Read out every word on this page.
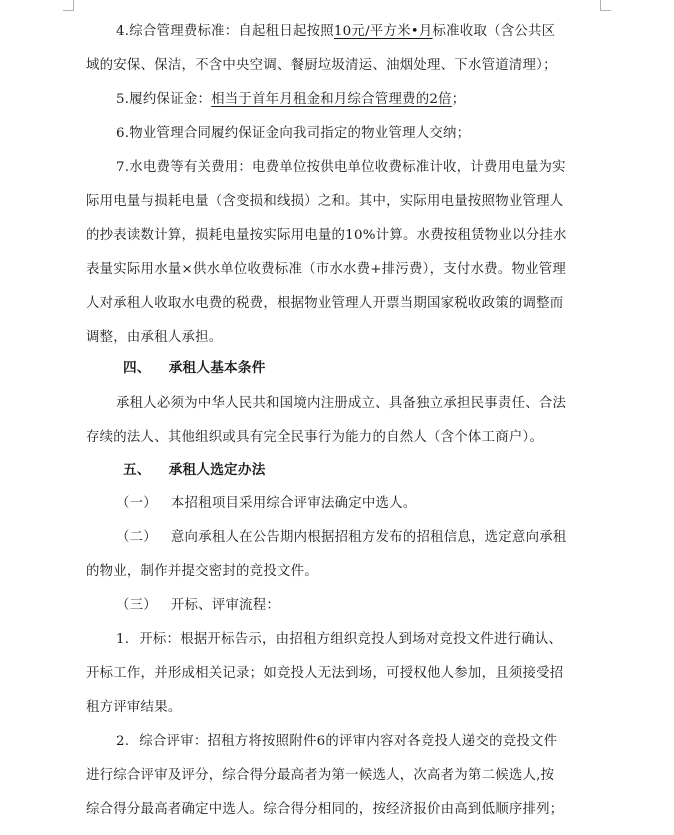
4.综合管理费标准：自起租日起按照10元/平方米•月标准收取（含公共区
域的安保、保洁，不含中央空调、餐厨垃圾清运、油烟处理、下水管道清理）；
5.履约保证金：相当于首年月租金和月综合管理费的2倍；
6.物业管理合同履约保证金向我司指定的物业管理人交纳；
7.水电费等有关费用：电费单位按供电单位收费标准计收，计费用电量为实
际用电量与损耗电量（含变损和线损）之和。其中，实际用电量按照物业管理人
的抄表读数计算，损耗电量按实际用电量的10%计算。水费按租赁物业以分挂水
表量实际用水量×供水单位收费标准（市水水费+排污费），支付水费。物业管理
人对承租人收取水电费的税费，根据物业管理人开票当期国家税收政策的调整而
调整，由承租人承担。
四、 承租人基本条件
承租人必须为中华人民共和国境内注册成立、具备独立承担民事责任、合法
存续的法人、其他组织或具有完全民事行为能力的自然人（含个体工商户）。
五、 承租人选定办法
（一） 本招租项目采用综合评审法确定中选人。
（二） 意向承租人在公告期内根据招租方发布的招租信息，选定意向承租
的物业，制作并提交密封的竞投文件。
（三） 开标、评审流程：
1. 开标：根据开标告示，由招租方组织竞投人到场对竞投文件进行确认、
开标工作，并形成相关记录；如竞投人无法到场，可授权他人参加，且须接受招
租方评审结果。
2. 综合评审：招租方将按照附件6的评审内容对各竞投人递交的竞投文件
进行综合评审及评分，综合得分最高者为第一候选人，次高者为第二候选人,按
综合得分最高者确定中选人。综合得分相同的，按经济报价由高到低顺序排列；
